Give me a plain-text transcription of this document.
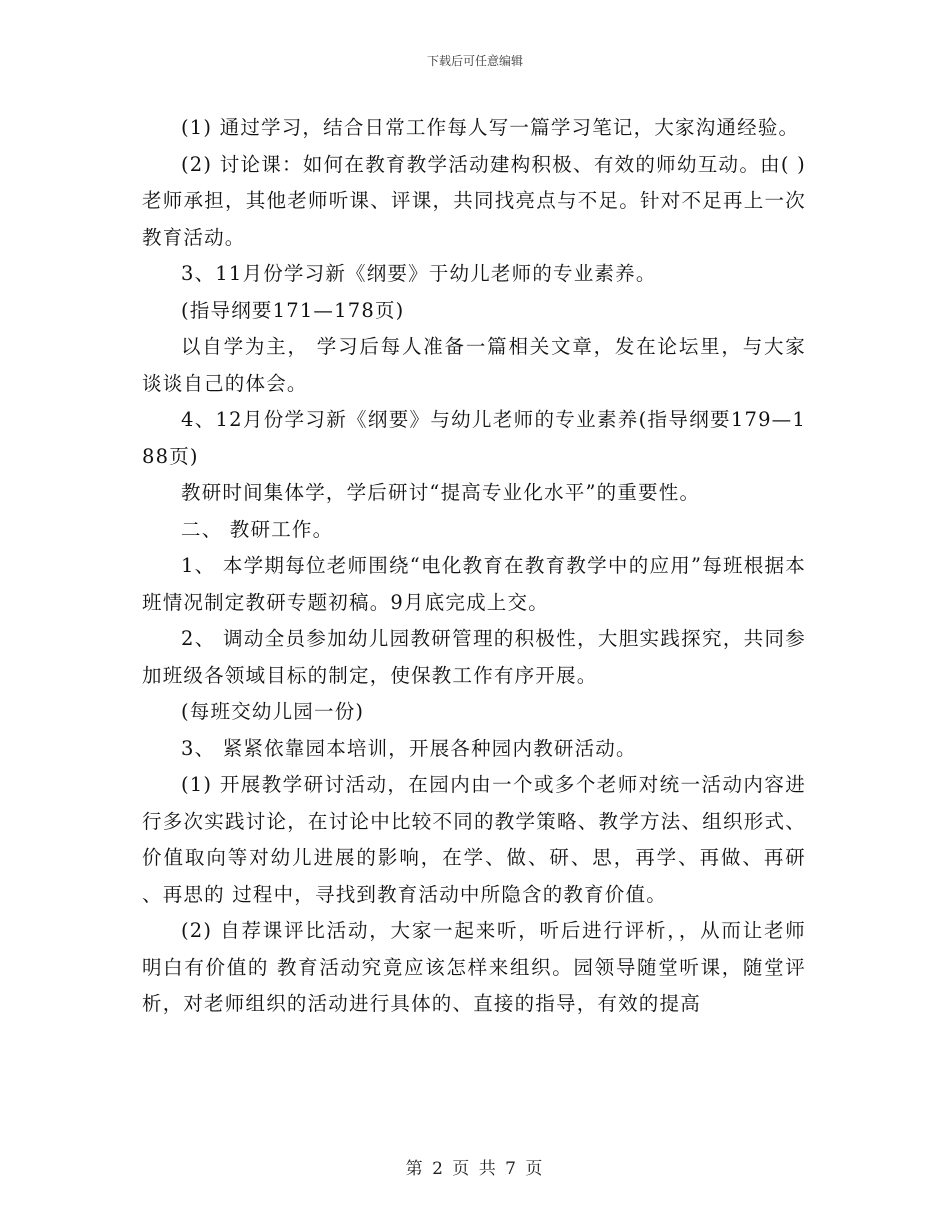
下载后可任意编辑

(1) 通过学习，结合日常工作每人写一篇学习笔记，大家沟通经验。

(2) 讨论课：如何在教育教学活动建构积极、有效的师幼互动。由( )老师承担，其他老师听课、评课，共同找亮点与不足。针对不足再上一次教育活动。

3、11月份学习新《纲要》于幼儿老师的专业素养。

(指导纲要171—178页)

以自学为主， 学习后每人准备一篇相关文章，发在论坛里，与大家谈谈自己的体会。

4、12月份学习新《纲要》与幼儿老师的专业素养(指导纲要179—188页)

教研时间集体学，学后研讨“提高专业化水平”的重要性。

二、 教研工作。

1、 本学期每位老师围绕“电化教育在教育教学中的应用”每班根据本班情况制定教研专题初稿。9月底完成上交。

2、 调动全员参加幼儿园教研管理的积极性，大胆实践探究，共同参加班级各领域目标的制定，使保教工作有序开展。

(每班交幼儿园一份)

3、 紧紧依靠园本培训，开展各种园内教研活动。

(1) 开展教学研讨活动，在园内由一个或多个老师对统一活动内容进行多次实践讨论，在讨论中比较不同的教学策略、教学方法、组织形式、价值取向等对幼儿进展的影响，在学、做、研、思，再学、再做、再研 、再思的 过程中，寻找到教育活动中所隐含的教育价值。

(2) 自荐课评比活动，大家一起来听，听后进行评析，，从而让老师明白有价值的 教育活动究竟应该怎样来组织。园领导随堂听课，随堂评析，对老师组织的活动进行具体的、直接的指导，有效的提高

第 2 页 共 7 页
